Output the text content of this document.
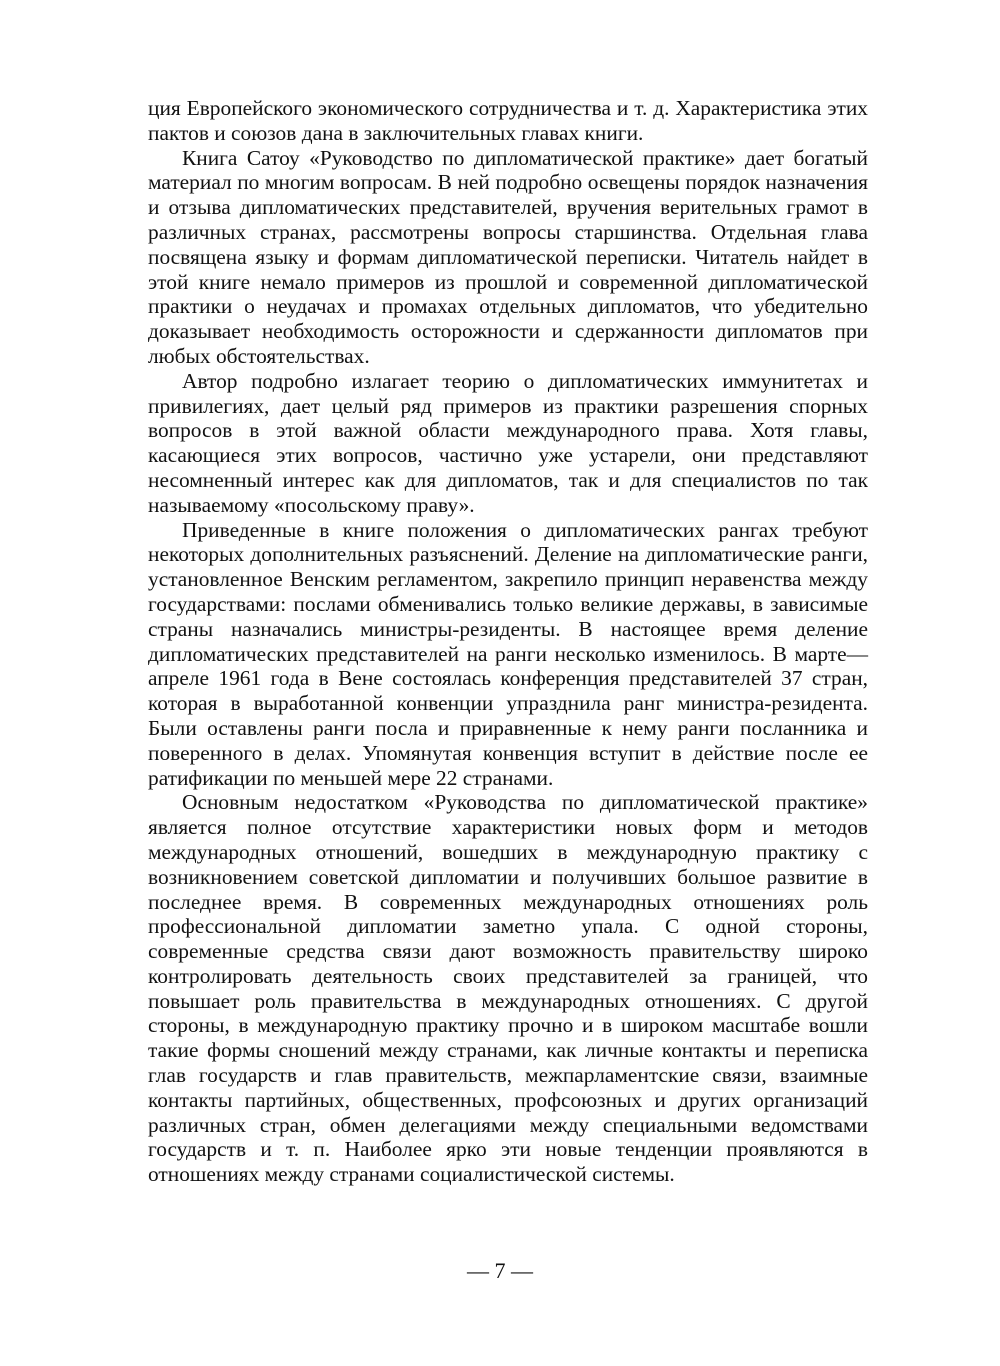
ция Европейского экономического сотрудничества и т. д. Характеристика этих пактов и союзов дана в заключительных главах книги.

Книга Сатоу «Руководство по дипломатической практике» дает богатый материал по многим вопросам. В ней подробно освещены порядок назначения и отзыва дипломатических представителей, вручения верительных грамот в различных странах, рассмотрены вопросы старшинства. Отдельная глава посвящена языку и формам дипломатической переписки. Читатель найдет в этой книге немало примеров из прошлой и современной дипломатической практики о неудачах и промахах отдельных дипломатов, что убедительно доказывает необходимость осторожности и сдержанности дипломатов при любых обстоятельствах.

Автор подробно излагает теорию о дипломатических иммунитетах и привилегиях, дает целый ряд примеров из практики разрешения спорных вопросов в этой важной области международного права. Хотя главы, касающиеся этих вопросов, частично уже устарели, они представляют несомненный интерес как для дипломатов, так и для специалистов по так называемому «посольскому праву».

Приведенные в книге положения о дипломатических рангах требуют некоторых дополнительных разъяснений. Деление на дипломатические ранги, установленное Венским регламентом, закрепило принцип неравенства между государствами: послами обменивались только великие державы, в зависимые страны назначались министры-резиденты. В настоящее время деление дипломатических представителей на ранги несколько изменилось. В марте—апреле 1961 года в Вене состоялась конференция представителей 37 стран, которая в выработанной конвенции упразднила ранг министра-резидента. Были оставлены ранги посла и приравненные к нему ранги посланника и поверенного в делах. Упомянутая конвенция вступит в действие после ее ратификации по меньшей мере 22 странами.

Основным недостатком «Руководства по дипломатической практике» является полное отсутствие характеристики новых форм и методов международных отношений, вошедших в международную практику с возникновением советской дипломатии и получивших большое развитие в последнее время. В современных международных отношениях роль профессиональной дипломатии заметно упала. С одной стороны, современные средства связи дают возможность правительству широко контролировать деятельность своих представителей за границей, что повышает роль правительства в международных отношениях. С другой стороны, в международную практику прочно и в широком масштабе вошли такие формы сношений между странами, как личные контакты и переписка глав государств и глав правительств, межпарламентские связи, взаимные контакты партийных, общественных, профсоюзных и других организаций различных стран, обмен делегациями между специальными ведомствами государств и т. п. Наиболее ярко эти новые тенденции проявляются в отношениях между странами социалистической системы.

— 7 —
